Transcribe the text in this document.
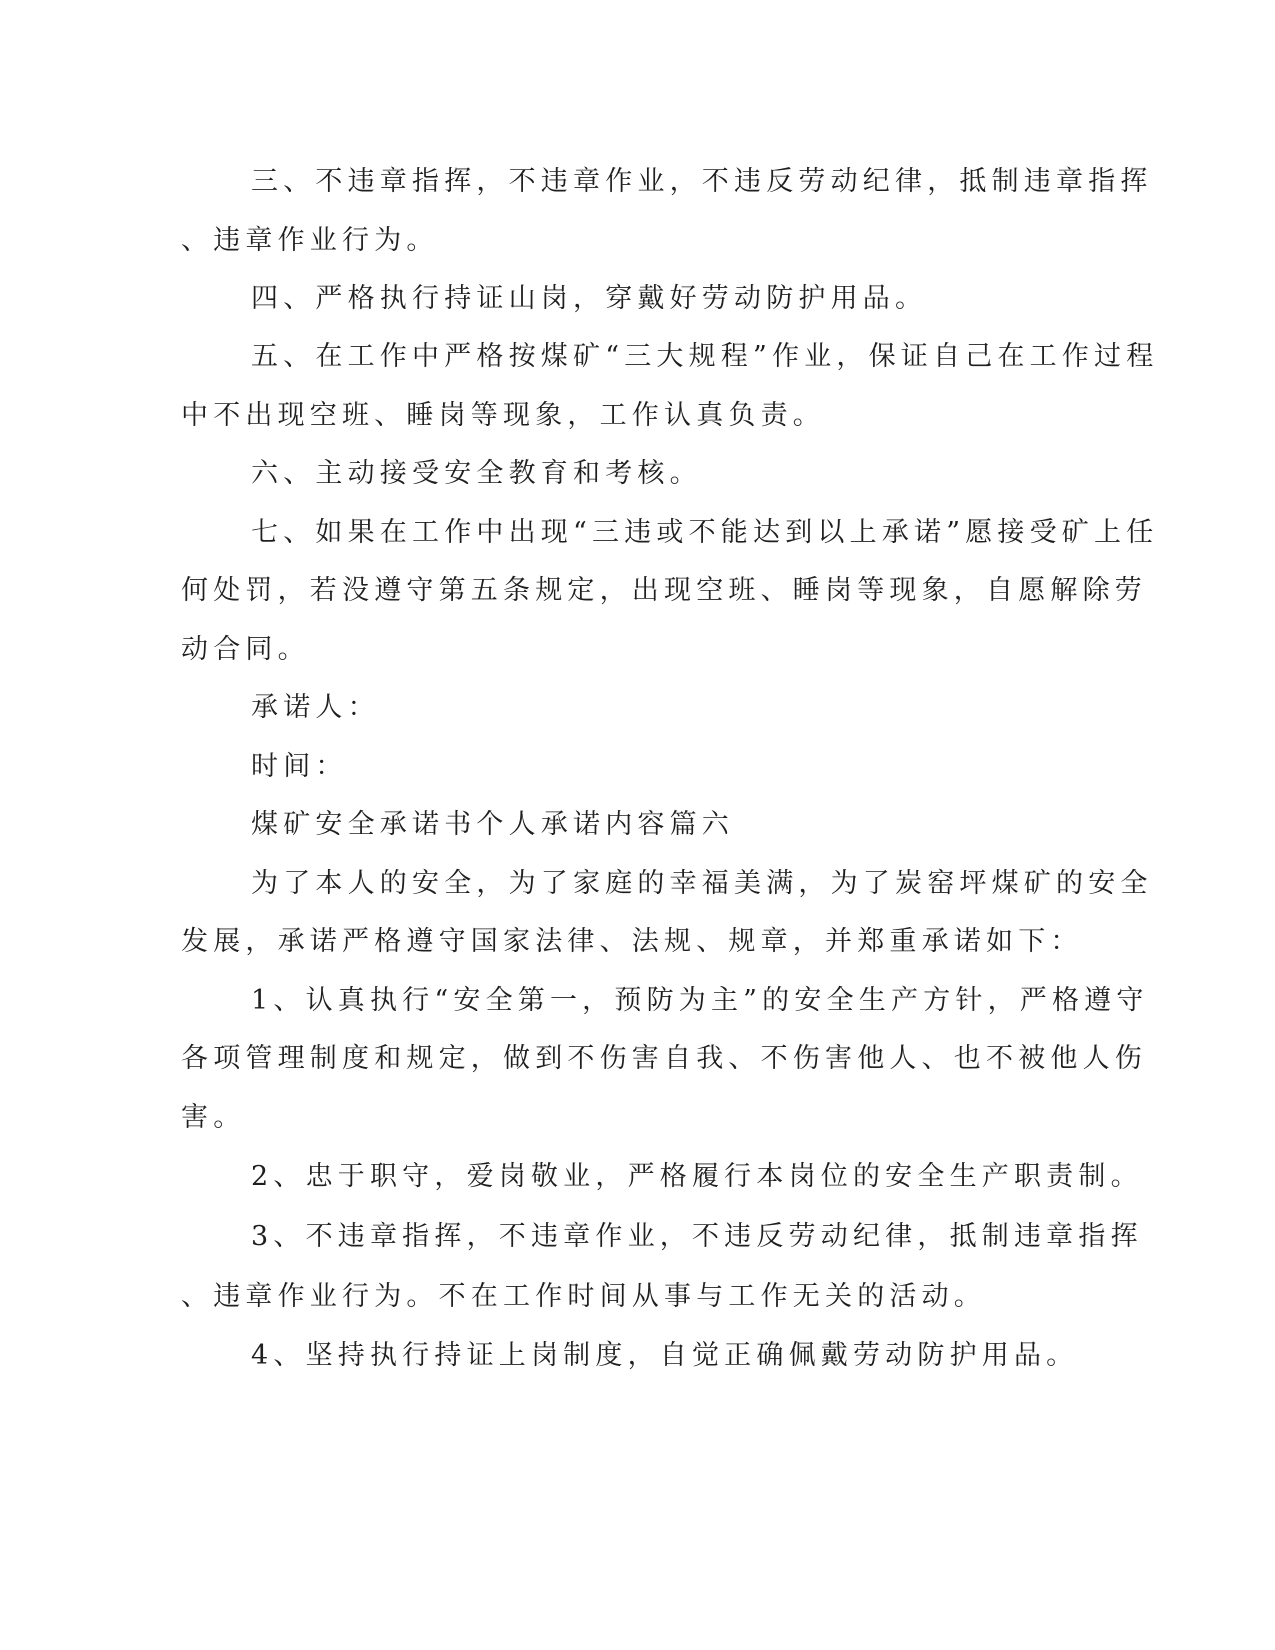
三、不违章指挥，不违章作业，不违反劳动纪律，抵制违章指挥
、违章作业行为。
四、严格执行持证山岗，穿戴好劳动防护用品。
五、在工作中严格按煤矿“三大规程”作业，保证自己在工作过程
中不出现空班、睡岗等现象，工作认真负责。
六、主动接受安全教育和考核。
七、如果在工作中出现“三违或不能达到以上承诺”愿接受矿上任
何处罚，若没遵守第五条规定，出现空班、睡岗等现象，自愿解除劳
动合同。
承诺人：
时间：
煤矿安全承诺书个人承诺内容篇六
为了本人的安全，为了家庭的幸福美满，为了炭窑坪煤矿的安全
发展，承诺严格遵守国家法律、法规、规章，并郑重承诺如下：
1、认真执行“安全第一，预防为主”的安全生产方针，严格遵守
各项管理制度和规定，做到不伤害自我、不伤害他人、也不被他人伤
害。
2、忠于职守，爱岗敬业，严格履行本岗位的安全生产职责制。
3、不违章指挥，不违章作业，不违反劳动纪律，抵制违章指挥
、违章作业行为。不在工作时间从事与工作无关的活动。
4、坚持执行持证上岗制度，自觉正确佩戴劳动防护用品。
